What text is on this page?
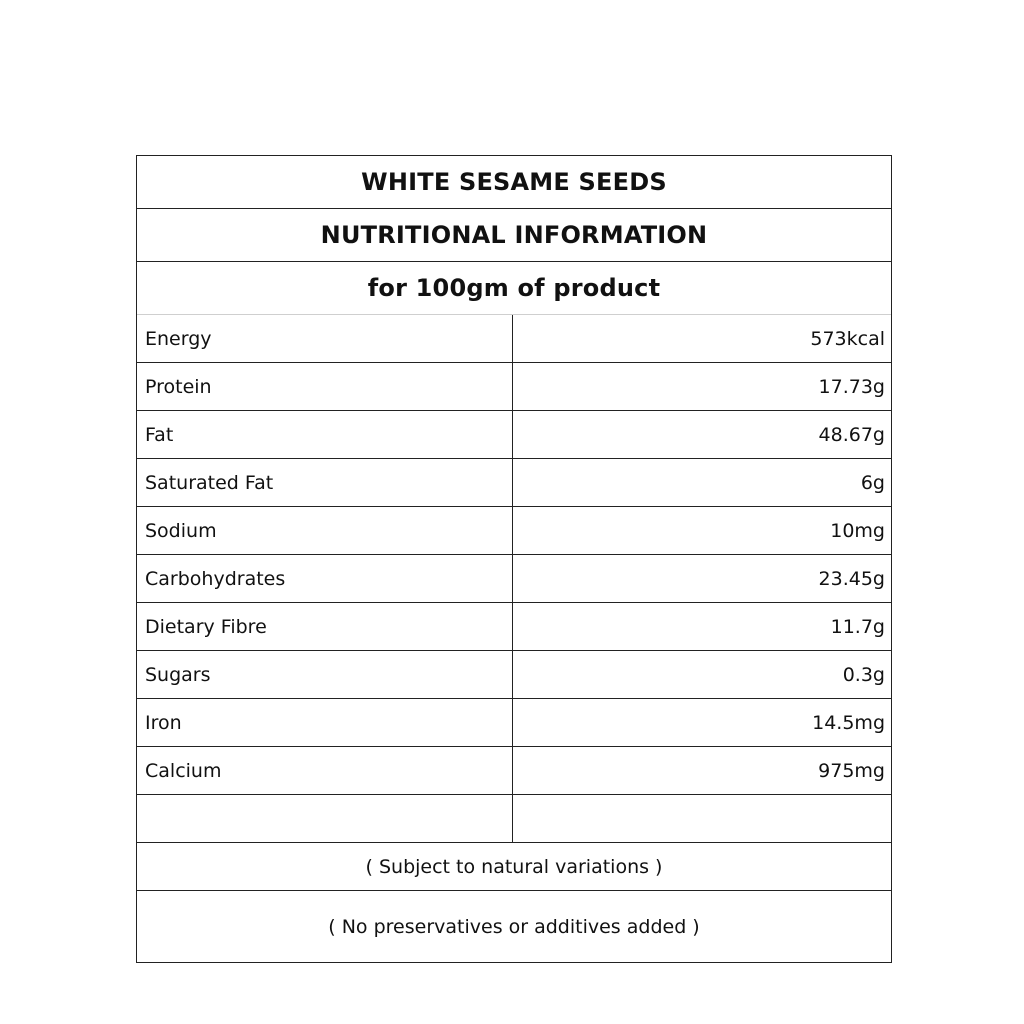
WHITE SESAME SEEDS
NUTRITIONAL INFORMATION
for 100gm of product
Energy	573kcal
Protein	17.73g
Fat	48.67g
Saturated Fat	6g
Sodium	10mg
Carbohydrates	23.45g
Dietary Fibre	11.7g
Sugars	0.3g
Iron	14.5mg
Calcium	975mg
( Subject to natural variations )
( No preservatives or additives added )
